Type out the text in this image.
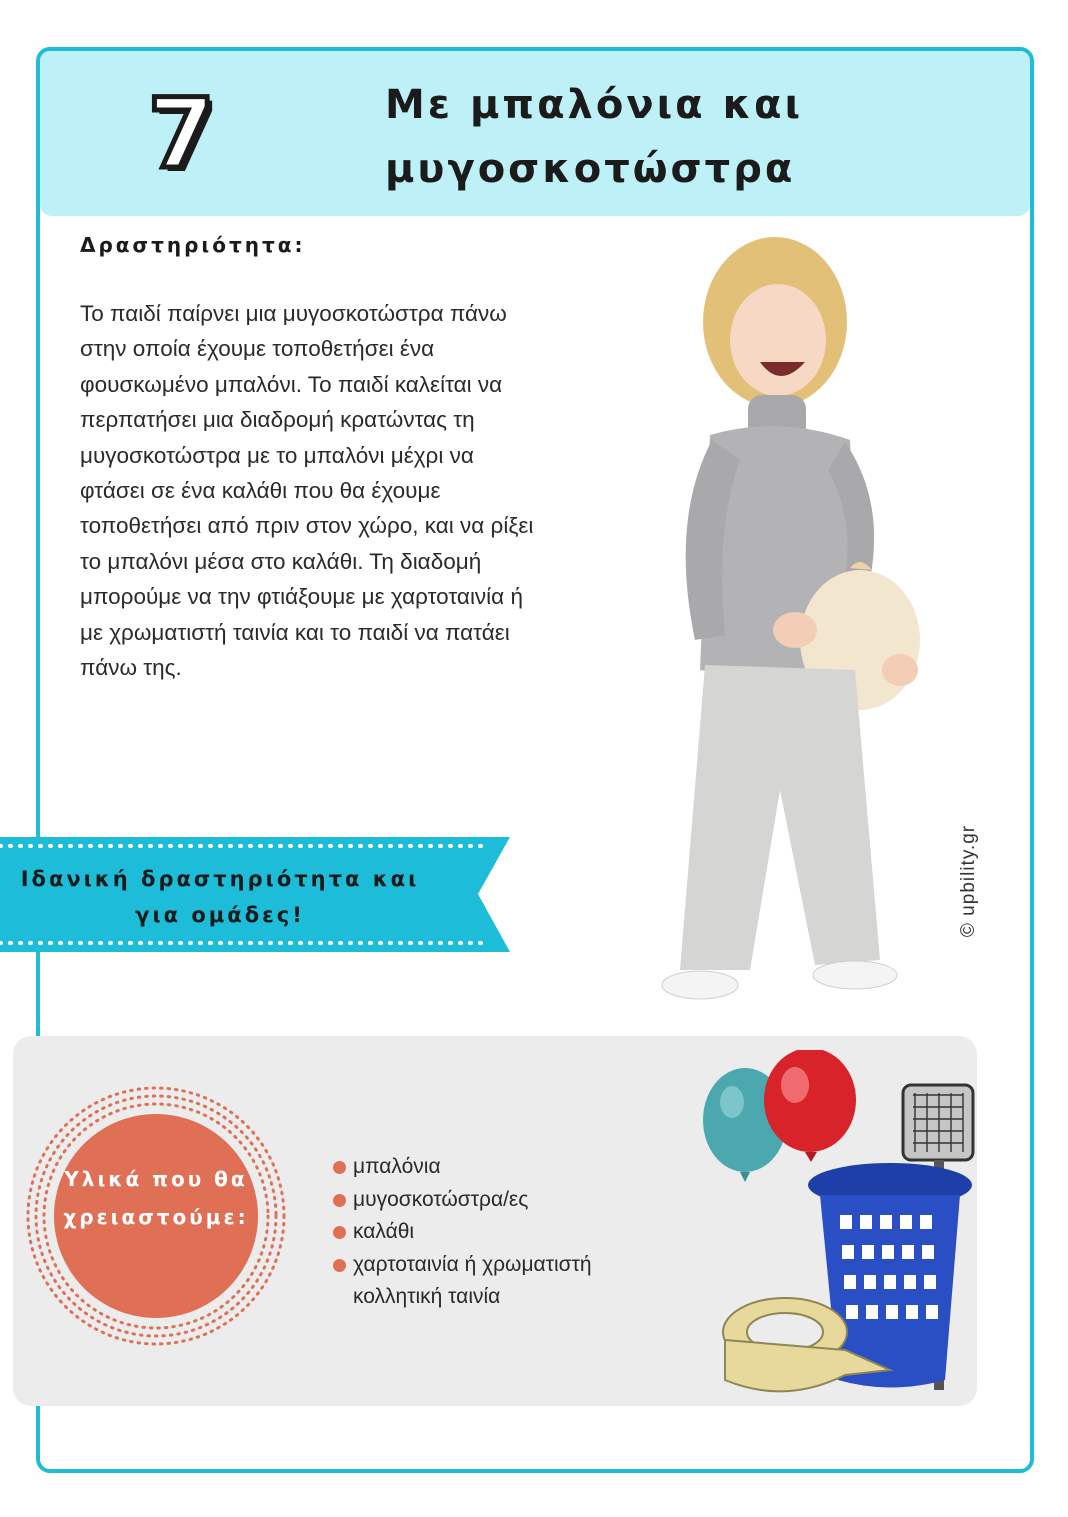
7	Με μπαλόνια και μυγοσκοτώστρα
Δραστηριότητα:
Το παιδί παίρνει μια μυγοσκοτώστρα πάνω στην οποία έχουμε τοποθετήσει ένα φουσκωμένο μπαλόνι. Το παιδί καλείται να περπατήσει μια διαδρομή κρατώντας τη μυγοσκοτώστρα με το μπαλόνι μέχρι να φτάσει σε ένα καλάθι που θα έχουμε τοποθετήσει από πριν στον χώρο, και να ρίξει το μπαλόνι μέσα στο καλάθι. Τη διαδομή μπορούμε να την φτιάξουμε με χαρτοταινία ή με χρωματιστή ταινία και το παιδί να πατάει πάνω της.
Ιδανική δραστηριότητα και για ομάδες!	© upbility.gr
Υλικά που θα χρειαστούμε:
μπαλόνια
μυγοσκοτώστρα/ες
καλάθι
χαρτοταινία ή χρωματιστή κολλητική ταινία
